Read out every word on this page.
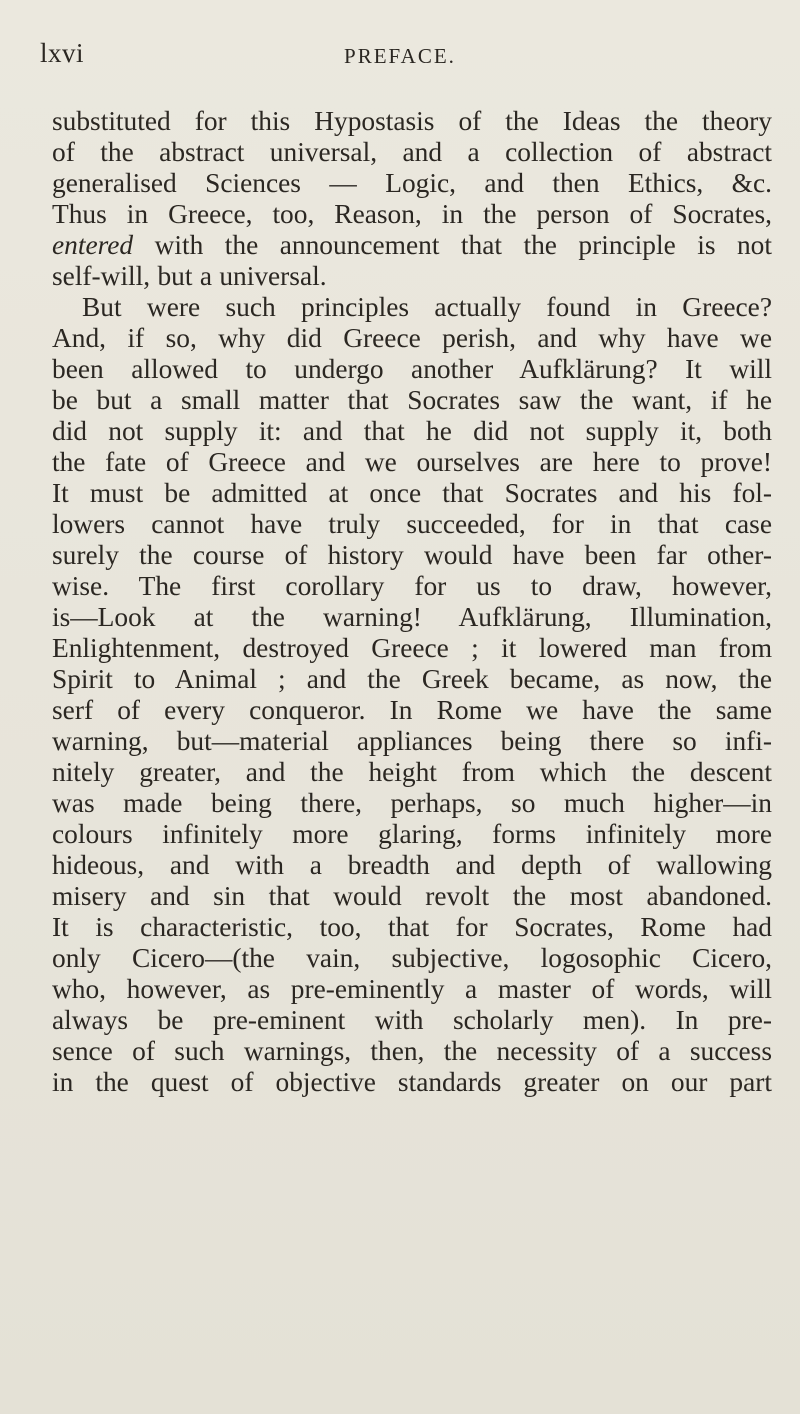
lxvi	PREFACE.
substituted for this Hypostasis of the Ideas the theory
of the abstract universal, and a collection of abstract
generalised Sciences — Logic, and then Ethics, &c.
Thus in Greece, too, Reason, in the person of Socrates,
entered with the announcement that the principle is not
self-will, but a universal.
But were such principles actually found in Greece?
And, if so, why did Greece perish, and why have we
been allowed to undergo another Aufklärung? It will
be but a small matter that Socrates saw the want, if he
did not supply it: and that he did not supply it, both
the fate of Greece and we ourselves are here to prove!
It must be admitted at once that Socrates and his fol-
lowers cannot have truly succeeded, for in that case
surely the course of history would have been far other-
wise. The first corollary for us to draw, however,
is—Look at the warning! Aufklärung, Illumination,
Enlightenment, destroyed Greece ; it lowered man from
Spirit to Animal ; and the Greek became, as now, the
serf of every conqueror. In Rome we have the same
warning, but—material appliances being there so infi-
nitely greater, and the height from which the descent
was made being there, perhaps, so much higher—in
colours infinitely more glaring, forms infinitely more
hideous, and with a breadth and depth of wallowing
misery and sin that would revolt the most abandoned.
It is characteristic, too, that for Socrates, Rome had
only Cicero—(the vain, subjective, logosophic Cicero,
who, however, as pre-eminently a master of words, will
always be pre-eminent with scholarly men). In pre-
sence of such warnings, then, the necessity of a success
in the quest of objective standards greater on our part
